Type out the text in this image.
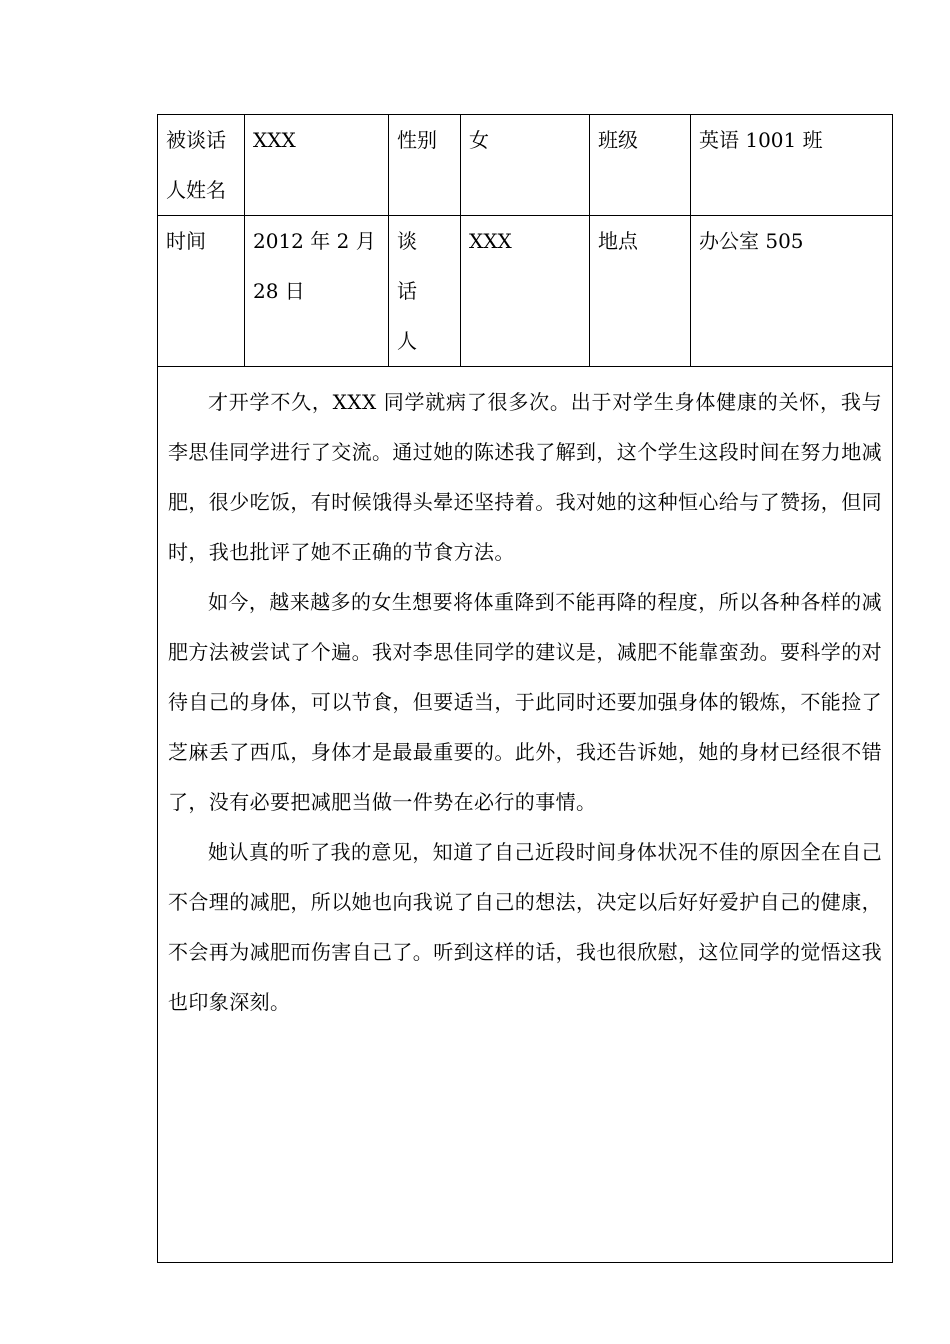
被谈话人姓名	XXX	性别	女	班级	英语 1001 班
时间	2012 年 2 月 28 日	谈话人	XXX	地点	办公室 505

才开学不久，XXX 同学就病了很多次。出于对学生身体健康的关怀，我与李思佳同学进行了交流。通过她的陈述我了解到，这个学生这段时间在努力地减肥，很少吃饭，有时候饿得头晕还坚持着。我对她的这种恒心给与了赞扬，但同时，我也批评了她不正确的节食方法。

如今，越来越多的女生想要将体重降到不能再降的程度，所以各种各样的减肥方法被尝试了个遍。我对李思佳同学的建议是，减肥不能靠蛮劲。要科学的对待自己的身体，可以节食，但要适当，于此同时还要加强身体的锻炼，不能捡了芝麻丢了西瓜，身体才是最最重要的。此外，我还告诉她，她的身材已经很不错了，没有必要把减肥当做一件势在必行的事情。

她认真的听了我的意见，知道了自己近段时间身体状况不佳的原因全在自己不合理的减肥，所以她也向我说了自己的想法，决定以后好好爱护自己的健康，不会再为减肥而伤害自己了。听到这样的话，我也很欣慰，这位同学的觉悟这我也印象深刻。					
